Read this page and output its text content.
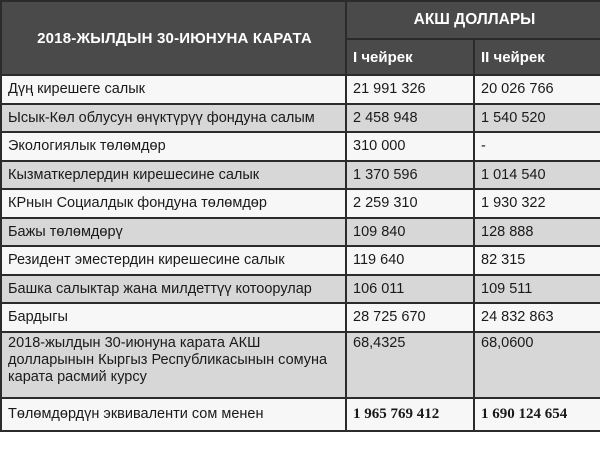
2018-ЖЫЛДЫН 30-ИЮНУНА КАРАТА	АКШ ДОЛЛАРЫ	
	I чейрек	II чейрек
Дүң кирешеге салык	21 991 326	20 026 766
Ысык-Көл облусун өнүктүрүү фондуна салым	2 458 948	1 540 520
Экологиялык төлөмдөр	310 000	-
Кызматкерлердин кирешесине салык	1 370 596	1 014 540
КРнын Социалдык фондуна төлөмдөр	2 259 310	1 930 322
Бажы төлөмдөрү	109 840	128 888
Резидент эместердин кирешесине салык	119 640	82 315
Башка салыктар жана милдеттүү котоорулар	106 011	109 511
Бардыгы	28 725 670	24 832 863
2018-жылдын 30-июнуна карата АКШ долларынын Кыргыз Республикасынын сомуна карата расмий курсу	68,4325	68,0600
Төлөмдөрдүн эквиваленти сом менен	1 965 769 412	1 690 124 654
